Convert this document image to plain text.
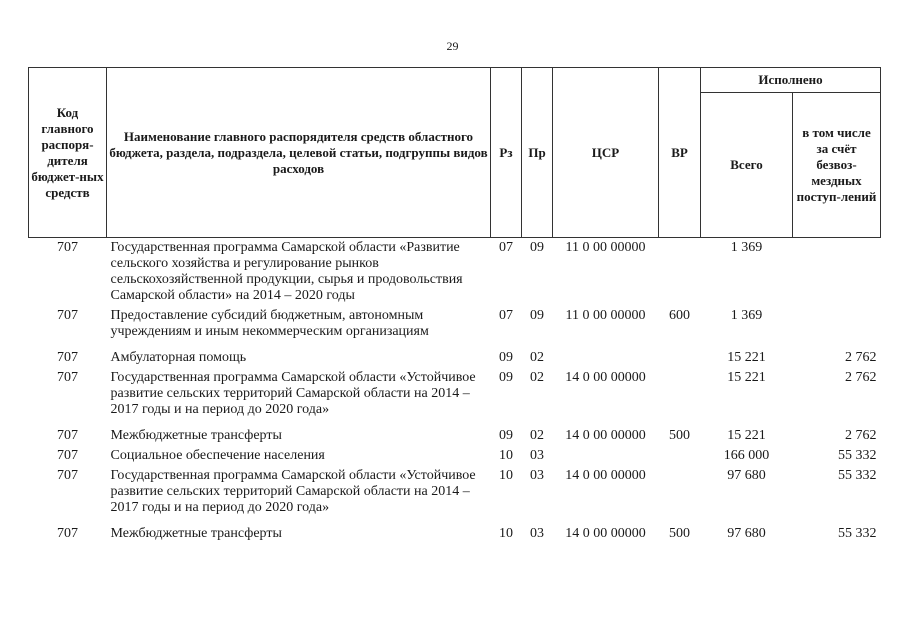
29
Код главного распоря-дителя бюджет-ных средств	Наименование главного распорядителя средств областного бюджета, раздела, подраздела, целевой статьи, подгруппы видов расходов	Рз	Пр	ЦСР	ВР	Исполнено	
						Всего	в том числе за счёт безвоз-мездных поступ-лений
707	Государственная программа Самарской области «Развитие сельского хозяйства и регулирование рынков сельскохозяйственной продукции, сырья и продовольствия Самарской области» на 2014 – 2020 годы	07	09	11 0 00 00000		1 369	
707	Предоставление субсидий бюджетным, автономным учреждениям и иным некоммерческим организациям	07	09	11 0 00 00000	600	1 369	
707	Амбулаторная помощь	09	02			15 221	2 762
707	Государственная программа Самарской области «Устойчивое развитие сельских территорий Самарской области на 2014 – 2017 годы и на период до 2020 года»	09	02	14 0 00 00000		15 221	2 762
707	Межбюджетные трансферты	09	02	14 0 00 00000	500	15 221	2 762
707	Социальное обеспечение населения	10	03			166 000	55 332
707	Государственная программа Самарской области «Устойчивое развитие сельских территорий Самарской области на 2014 – 2017 годы и на период до 2020 года»	10	03	14 0 00 00000		97 680	55 332
707	Межбюджетные трансферты	10	03	14 0 00 00000	500	97 680	55 332
